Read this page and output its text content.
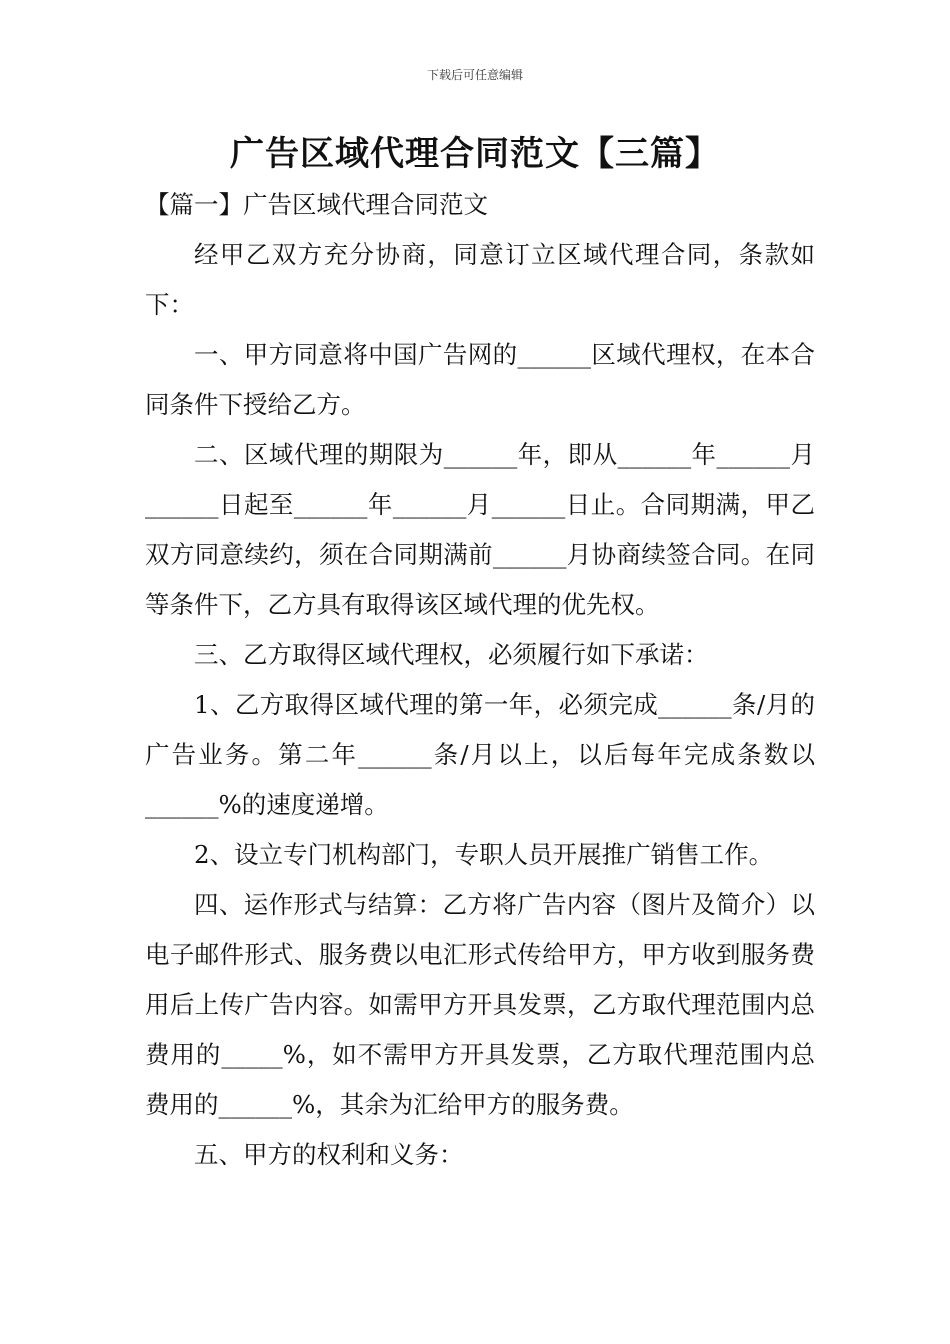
下载后可任意编辑
广告区域代理合同范文【三篇】

【篇一】广告区域代理合同范文

经甲乙双方充分协商，同意订立区域代理合同，条款如下：

一、甲方同意将中国广告网的______区域代理权，在本合同条件下授给乙方。

二、区域代理的期限为______年，即从______年______月______日起至______年______月______日止。合同期满，甲乙双方同意续约，须在合同期满前______月协商续签合同。在同等条件下，乙方具有取得该区域代理的优先权。

三、乙方取得区域代理权，必须履行如下承诺：

1、乙方取得区域代理的第一年，必须完成______条/月的广告业务。第二年______条/月以上，以后每年完成条数以______%的速度递增。

2、设立专门机构部门，专职人员开展推广销售工作。

四、运作形式与结算：乙方将广告内容（图片及简介）以电子邮件形式、服务费以电汇形式传给甲方，甲方收到服务费用后上传广告内容。如需甲方开具发票，乙方取代理范围内总费用的_____%，如不需甲方开具发票，乙方取代理范围内总费用的______%，其余为汇给甲方的服务费。

五、甲方的权利和义务：
